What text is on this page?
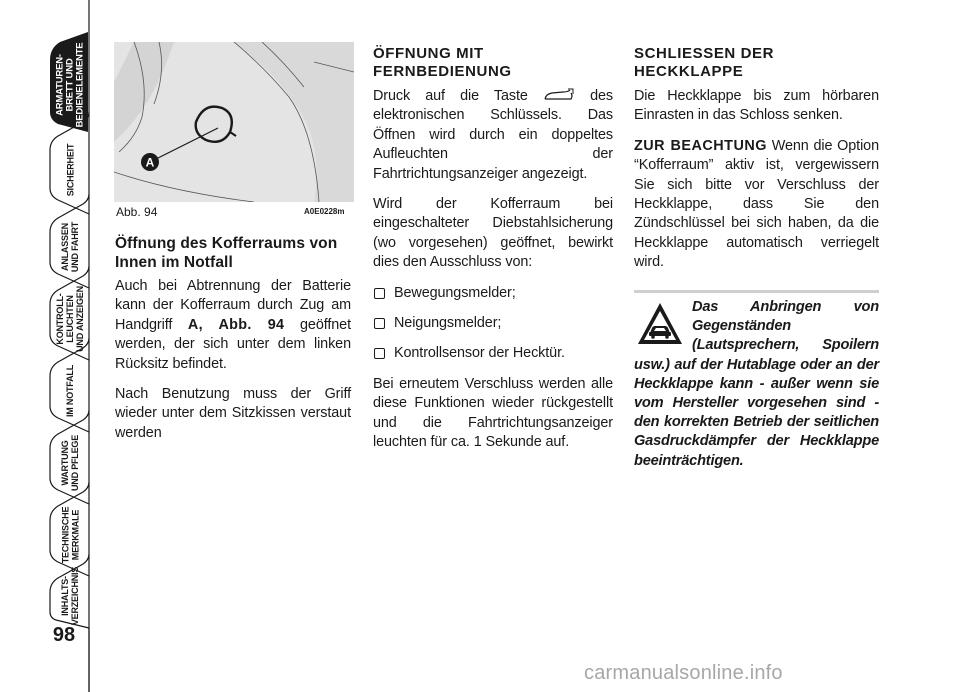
ARMATUREN-
BRETT UND
BEDIENELEMENTE
SICHERHEIT
ANLASSEN
UND FAHRT
KONTROLL-
LEUCHTEN
UND ANZEIGEN
IM NOTFALL
WARTUNG
UND PFLEGE
TECHNISCHE
MERKMALE
INHALTS-
VERZEICHNIS
98
A
Abb. 94	A0E0228m
Öffnung des Kofferraums von Innen im Notfall

Auch bei Abtrennung der Batterie kann der Kofferraum durch Zug am Handgriff A, Abb. 94 geöffnet werden, der sich unter dem linken Rücksitz befindet.

Nach Benutzung muss der Griff wieder unter dem Sitzkissen verstaut werden

ÖFFNUNG MIT FERNBEDIENUNG

Druck auf die Taste  des elektronischen Schlüssels. Das Öffnen wird durch ein doppeltes Aufleuchten der Fahrtrichtungsanzeiger angezeigt.

Wird der Kofferraum bei eingeschalteter Diebstahlsicherung (wo vorgesehen) geöffnet, bewirkt dies den Ausschluss von:

Bewegungsmelder;
Neigungsmelder;
Kontrollsensor der Hecktür.

Bei erneutem Verschluss werden alle diese Funktionen wieder rückgestellt und die Fahrtrichtungsanzeiger leuchten für ca. 1 Sekunde auf.

SCHLIESSEN DER HECKKLAPPE

Die Heckklappe bis zum hörbaren Einrasten in das Schloss senken.

ZUR BEACHTUNG Wenn die Option “Kofferraum” aktiv ist, vergewissern Sie sich bitte vor Verschluss der Heckklappe, dass Sie den Zündschlüssel bei sich haben, da die Heckklappe automatisch verriegelt wird.

Das Anbringen von Gegenständen (Lautsprechern, Spoilern usw.) auf der Hutablage oder an der Heckklappe kann - außer wenn sie vom Hersteller vorgesehen sind - den korrekten Betrieb der seitlichen Gasdruckdämpfer der Heckklappe beeinträchtigen.

carmanualsonline.info
